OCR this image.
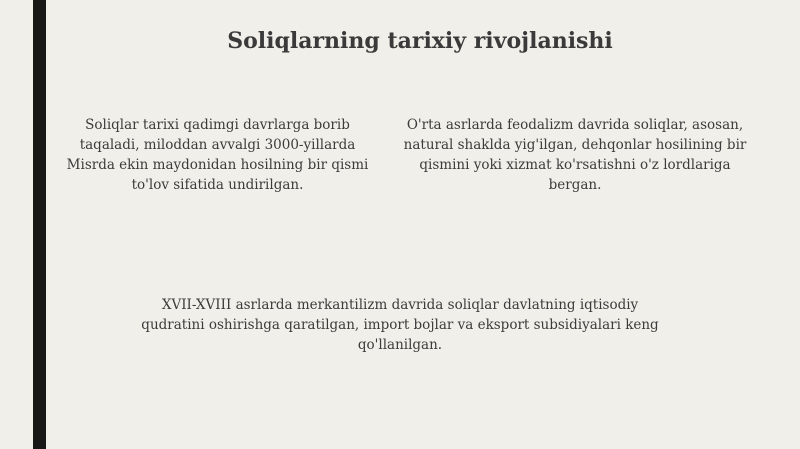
Soliqlarning tarixiy rivojlanishi

Soliqlar tarixi qadimgi davrlarga borib taqaladi, miloddan avvalgi 3000-yillarda Misrda ekin maydonidan hosilning bir qismi to'lov sifatida undirilgan.

O'rta asrlarda feodalizm davrida soliqlar, asosan, natural shaklda yig'ilgan, dehqonlar hosilining bir qismini yoki xizmat ko'rsatishni o'z lordlariga bergan.

XVII-XVIII asrlarda merkantilizm davrida soliqlar davlatning iqtisodiy qudratini oshirishga qaratilgan, import bojlar va eksport subsidiyalari keng qo'llanilgan.
